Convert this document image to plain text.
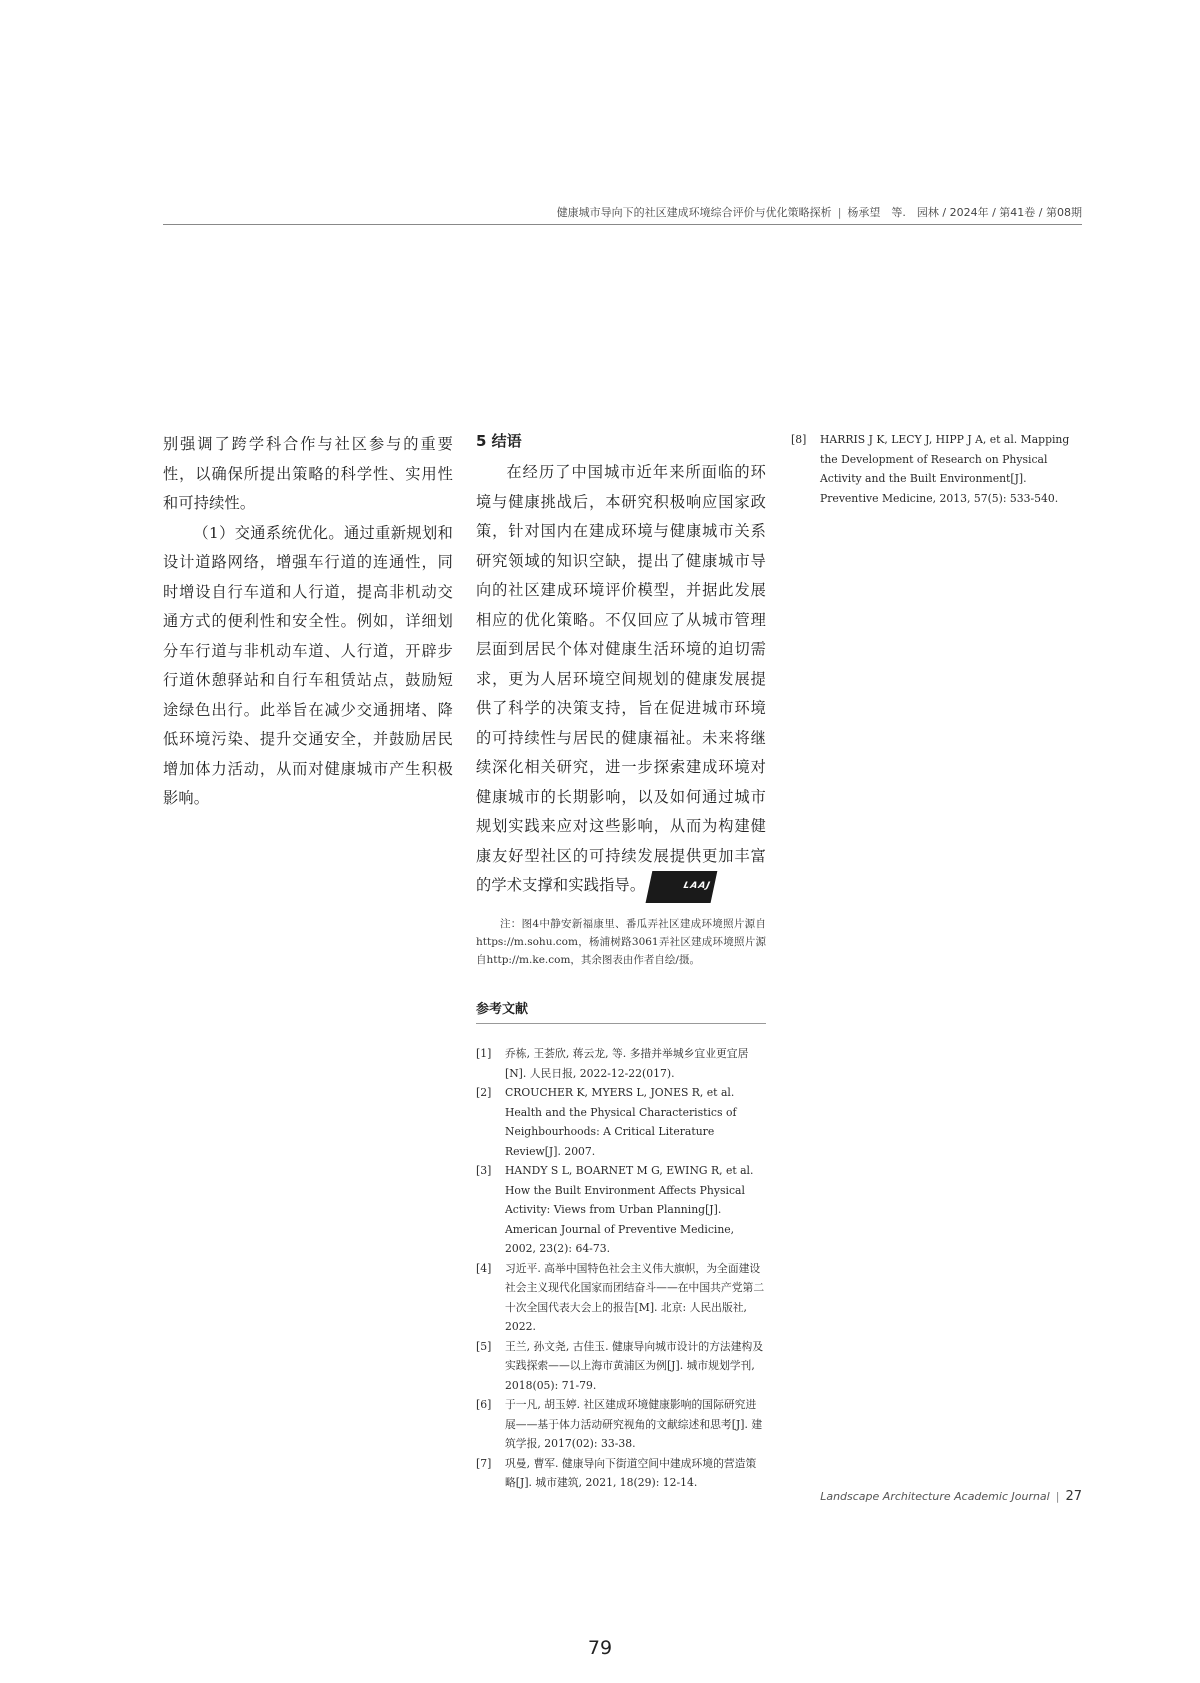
健康城市导向下的社区建成环境综合评价与优化策略探析 | 杨承望　等.　 园林 / 2024年 / 第41卷 / 第08期

别强调了跨学科合作与社区参与的重要性，以确保所提出策略的科学性、实用性和可持续性。

（1）交通系统优化。通过重新规划和设计道路网络，增强车行道的连通性，同时增设自行车道和人行道，提高非机动交通方式的便利性和安全性。例如，详细划分车行道与非机动车道、人行道，开辟步行道休憩驿站和自行车租赁站点，鼓励短途绿色出行。此举旨在减少交通拥堵、降低环境污染、提升交通安全，并鼓励居民增加体力活动，从而对健康城市产生积极影响。

5 结语

在经历了中国城市近年来所面临的环境与健康挑战后，本研究积极响应国家政策，针对国内在建成环境与健康城市关系研究领域的知识空缺，提出了健康城市导向的社区建成环境评价模型，并据此发展相应的优化策略。不仅回应了从城市管理层面到居民个体对健康生活环境的迫切需求，更为人居环境空间规划的健康发展提供了科学的决策支持，旨在促进城市环境的可持续性与居民的健康福祉。未来将继续深化相关研究，进一步探索建成环境对健康城市的长期影响，以及如何通过城市规划实践来应对这些影响，从而为构建健康友好型社区的可持续发展提供更加丰富的学术支撑和实践指导。	LAAJ

注：图4中静安新福康里、番瓜弄社区建成环境照片源自https://m.sohu.com，杨浦树路3061弄社区建成环境照片源自http://m.ke.com，其余图表由作者自绘/摄。
参考文献
[1] 乔栋, 王荟欣, 蒋云龙, 等. 多措并举城乡宜业更宜居[N]. 人民日报, 2022-12-22(017).
[2] CROUCHER K, MYERS L, JONES R, et al. Health and the Physical Characteristics of Neighbourhoods: A Critical Literature Review[J]. 2007.
[3] HANDY S L, BOARNET M G, EWING R, et al. How the Built Environment Affects Physical Activity: Views from Urban Planning[J]. American Journal of Preventive Medicine, 2002, 23(2): 64-73.
[4] 习近平. 高举中国特色社会主义伟大旗帜，为全面建设社会主义现代化国家而团结奋斗——在中国共产党第二十次全国代表大会上的报告[M]. 北京: 人民出版社, 2022.
[5] 王兰, 孙文尧, 古佳玉. 健康导向城市设计的方法建构及实践探索——以上海市黄浦区为例[J]. 城市规划学刊, 2018(05): 71-79.
[6] 于一凡, 胡玉婷. 社区建成环境健康影响的国际研究进展——基于体力活动研究视角的文献综述和思考[J]. 建筑学报, 2017(02): 33-38.
[7] 巩曼, 曹军. 健康导向下街道空间中建成环境的营造策略[J]. 城市建筑, 2021, 18(29): 12-14.
[8] HARRIS J K, LECY J, HIPP J A, et al. Mapping the Development of Research on Physical Activity and the Built Environment[J]. Preventive Medicine, 2013, 57(5): 533-540.
Landscape Architecture Academic Journal | 27
79
